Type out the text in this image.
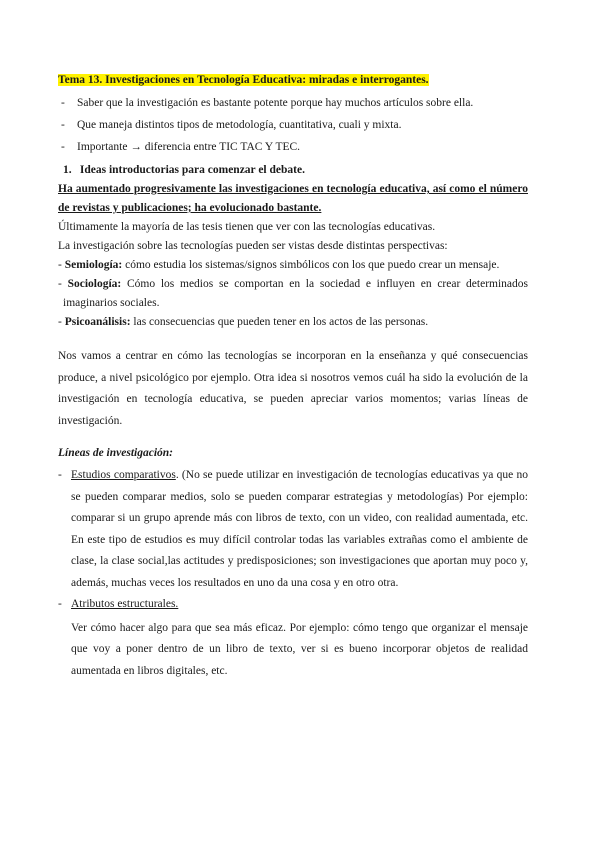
Tema 13. Investigaciones en Tecnología Educativa: miradas e interrogantes.

- Saber que la investigación es bastante potente porque hay muchos artículos sobre ella.
- Que maneja distintos tipos de metodología, cuantitativa, cuali y mixta.
- Importante → diferencia entre TIC TAC Y TEC.

1. Ideas introductorias para comenzar el debate.

Ha aumentado progresivamente las investigaciones en tecnología educativa, así como el número de revistas y publicaciones; ha evolucionado bastante.

Últimamente la mayoría de las tesis tienen que ver con las tecnologías educativas.

La investigación sobre las tecnologías pueden ser vistas desde distintas perspectivas:

- Semiología: cómo estudia los sistemas/signos simbólicos con los que puedo crear un mensaje.

- Sociología: Cómo los medios se comportan en la sociedad e influyen en crear determinados imaginarios sociales.

- Psicoanálisis: las consecuencias que pueden tener en los actos de las personas.

Nos vamos a centrar en cómo las tecnologías se incorporan en la enseñanza y qué consecuencias produce, a nivel psicológico por ejemplo. Otra idea si nosotros vemos cuál ha sido la evolución de la investigación en tecnología educativa, se pueden apreciar varios momentos; varias líneas de investigación.

Líneas de investigación:

- Estudios comparativos. (No se puede utilizar en investigación de tecnologías educativas ya que no se pueden comparar medios, solo se pueden comparar estrategias y metodologías) Por ejemplo: comparar si un grupo aprende más con libros de texto, con un video, con realidad aumentada, etc. En este tipo de estudios es muy difícil controlar todas las variables extrañas como el ambiente de clase, la clase social,las actitudes y predisposiciones; son investigaciones que aportan muy poco y, además, muchas veces los resultados en uno da una cosa y en otro otra.
- Atributos estructurales.
Ver cómo hacer algo para que sea más eficaz. Por ejemplo: cómo tengo que organizar el mensaje que voy a poner dentro de un libro de texto, ver si es bueno incorporar objetos de realidad aumentada en libros digitales, etc.
